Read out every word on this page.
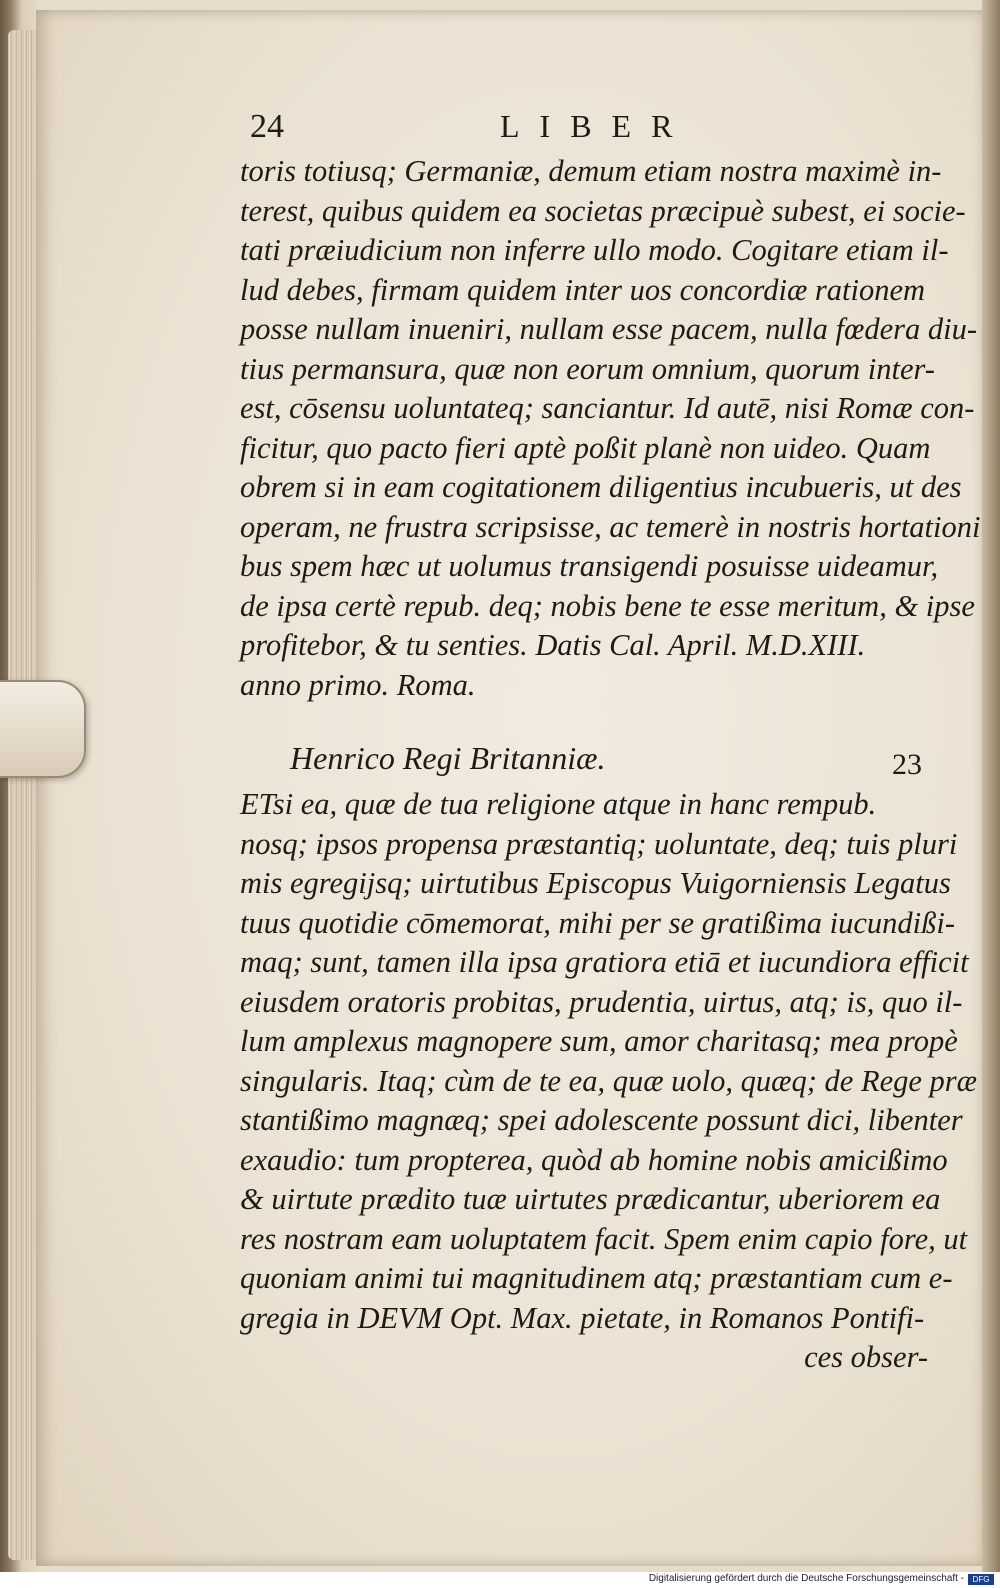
24	LIBER
toris totiusq; Germaniæ, demum etiam nostra maximè in-
terest, quibus quidem ea societas præcipuè subest, ei socie-
tati præiudicium non inferre ullo modo. Cogitare etiam il-
lud debes, firmam quidem inter uos concordiæ rationem
posse nullam inueniri, nullam esse pacem, nulla fœdera diu-
tius permansura, quæ non eorum omnium, quorum inter-
est, cōsensu uoluntateq; sanciantur. Id autē, nisi Romæ con-
ficitur, quo pacto fieri aptè poßit planè non uideo. Quam
obrem si in eam cogitationem diligentius incubueris, ut des
operam, ne frustra scripsisse, ac temerè in nostris hortationi
bus spem hæc ut uolumus transigendi posuisse uideamur,
de ipsa certè repub. deq; nobis bene te esse meritum, & ipse
profitebor, & tu senties. Datis Cal. April. M.D.XIII.
anno primo. Roma.
Henrico Regi Britanniæ.	23
ETsi ea, quæ de tua religione atque in hanc rempub.
nosq; ipsos propensa præstantiq; uoluntate, deq; tuis pluri
mis egregijsq; uirtutibus Episcopus Vuigorniensis Legatus
tuus quotidie cōmemorat, mihi per se gratißima iucundißi-
maq; sunt, tamen illa ipsa gratiora etiā et iucundiora efficit
eiusdem oratoris probitas, prudentia, uirtus, atq; is, quo il-
lum amplexus magnopere sum, amor charitasq; mea propè
singularis. Itaq; cùm de te ea, quæ uolo, quæq; de Rege præ
stantißimo magnæq; spei adolescente possunt dici, libenter
exaudio: tum propterea, quòd ab homine nobis amicißimo
& uirtute prædito tuæ uirtutes prædicantur, uberiorem ea
res nostram eam uoluptatem facit. Spem enim capio fore, ut
quoniam animi tui magnitudinem atq; præstantiam cum e-
gregia in DEVM Opt. Max. pietate, in Romanos Pontifi-
ces obser-
Digitalisierung gefördert durch die Deutsche Forschungsgemeinschaft -	DFG
